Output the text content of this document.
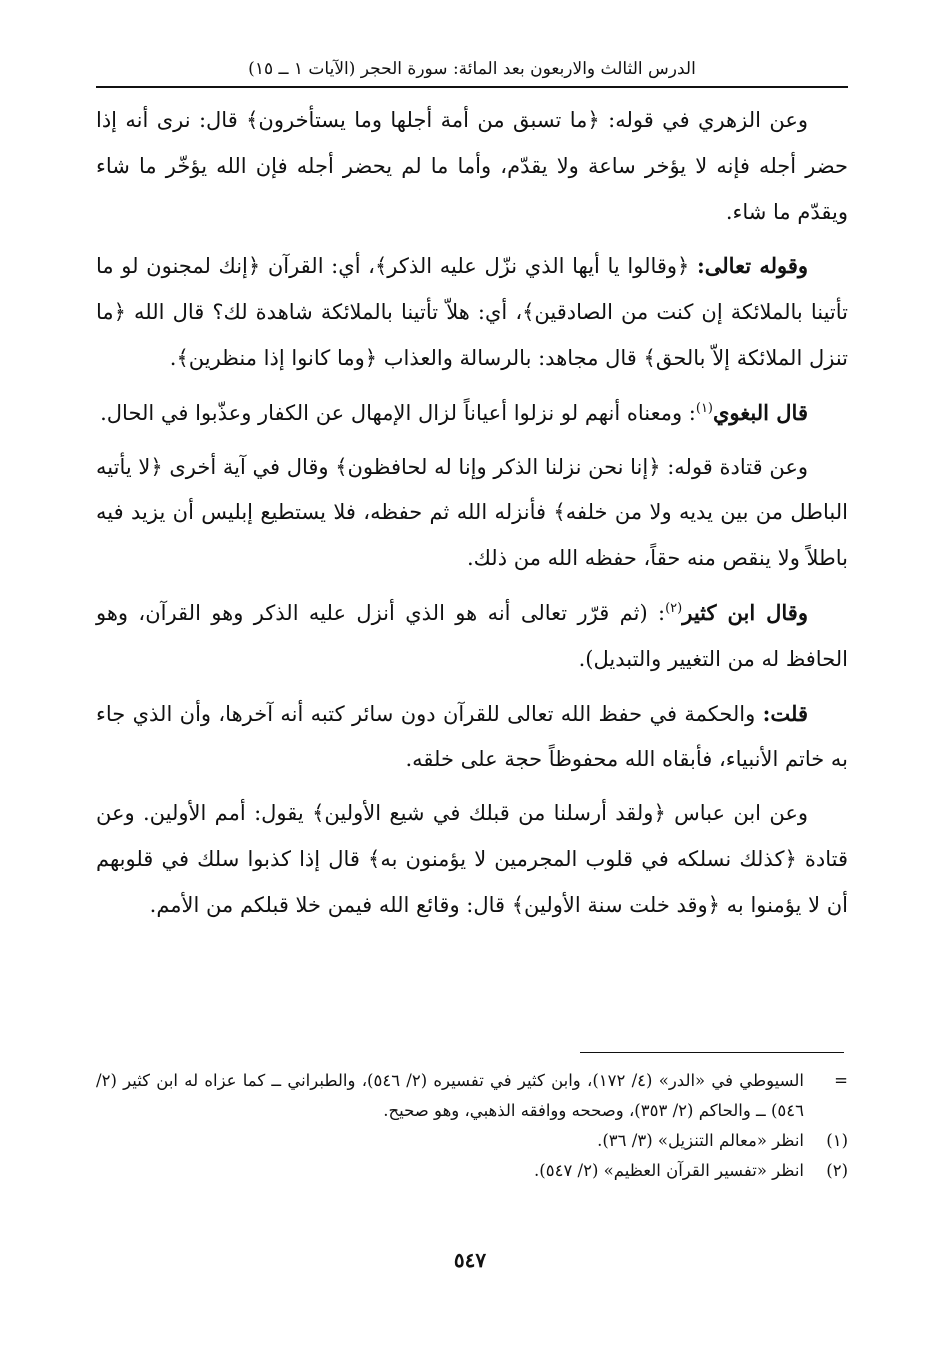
الدرس الثالث والاربعون بعد المائة: سورة الحجر (الآيات ١ ــ ١٥)

وعن الزهري في قوله: ﴿ما تسبق من أمة أجلها وما يستأخرون﴾ قال: نرى أنه إذا حضر أجله فإنه لا يؤخر ساعة ولا يقدّم، وأما ما لم يحضر أجله فإن الله يؤخّر ما شاء ويقدّم ما شاء.

وقوله تعالى: ﴿وقالوا يا أيها الذي نزّل عليه الذكر﴾، أي: القرآن ﴿إنك لمجنون لو ما تأتينا بالملائكة إن كنت من الصادقين﴾، أي: هلاّ تأتينا بالملائكة شاهدة لك؟ قال الله ﴿ما تنزل الملائكة إلاّ بالحق﴾ قال مجاهد: بالرسالة والعذاب ﴿وما كانوا إذا منظرين﴾.

قال البغوي$^{(١)}$: ومعناه أنهم لو نزلوا أعياناً لزال الإمهال عن الكفار وعذّبوا في الحال.

وعن قتادة قوله: ﴿إنا نحن نزلنا الذكر وإنا له لحافظون﴾ وقال في آية أخرى ﴿لا يأتيه الباطل من بين يديه ولا من خلفه﴾ فأنزله الله ثم حفظه، فلا يستطيع إبليس أن يزيد فيه باطلاً ولا ينقص منه حقاً، حفظه الله من ذلك.

وقال ابن كثير$^{(٢)}$: (ثم قرّر تعالى أنه هو الذي أنزل عليه الذكر وهو القرآن، وهو الحافظ له من التغيير والتبديل).

قلت: والحكمة في حفظ الله تعالى للقرآن دون سائر كتبه أنه آخرها، وأن الذي جاء به خاتم الأنبياء، فأبقاه الله محفوظاً حجة على خلقه.

وعن ابن عباس ﴿ولقد أرسلنا من قبلك في شيع الأولين﴾ يقول: أمم الأولين. وعن قتادة ﴿كذلك نسلكه في قلوب المجرمين لا يؤمنون به﴾ قال إذا كذبوا سلك في قلوبهم أن لا يؤمنوا به ﴿وقد خلت سنة الأولين﴾ قال: وقائع الله فيمن خلا قبلكم من الأمم.

=
السيوطي في «الدر» (٤/ ١٧٢)، وابن كثير في تفسيره (٢/ ٥٤٦)، والطبراني ــ كما عزاه له ابن كثير (٢/ ٥٤٦) ــ والحاكم (٢/ ٣٥٣)، وصححه ووافقه الذهبي، وهو صحيح.
(١)
انظر «معالم التنزيل» (٣/ ٣٦).
(٢)
انظر «تفسير القرآن العظيم» (٢/ ٥٤٧).
٥٤٧
